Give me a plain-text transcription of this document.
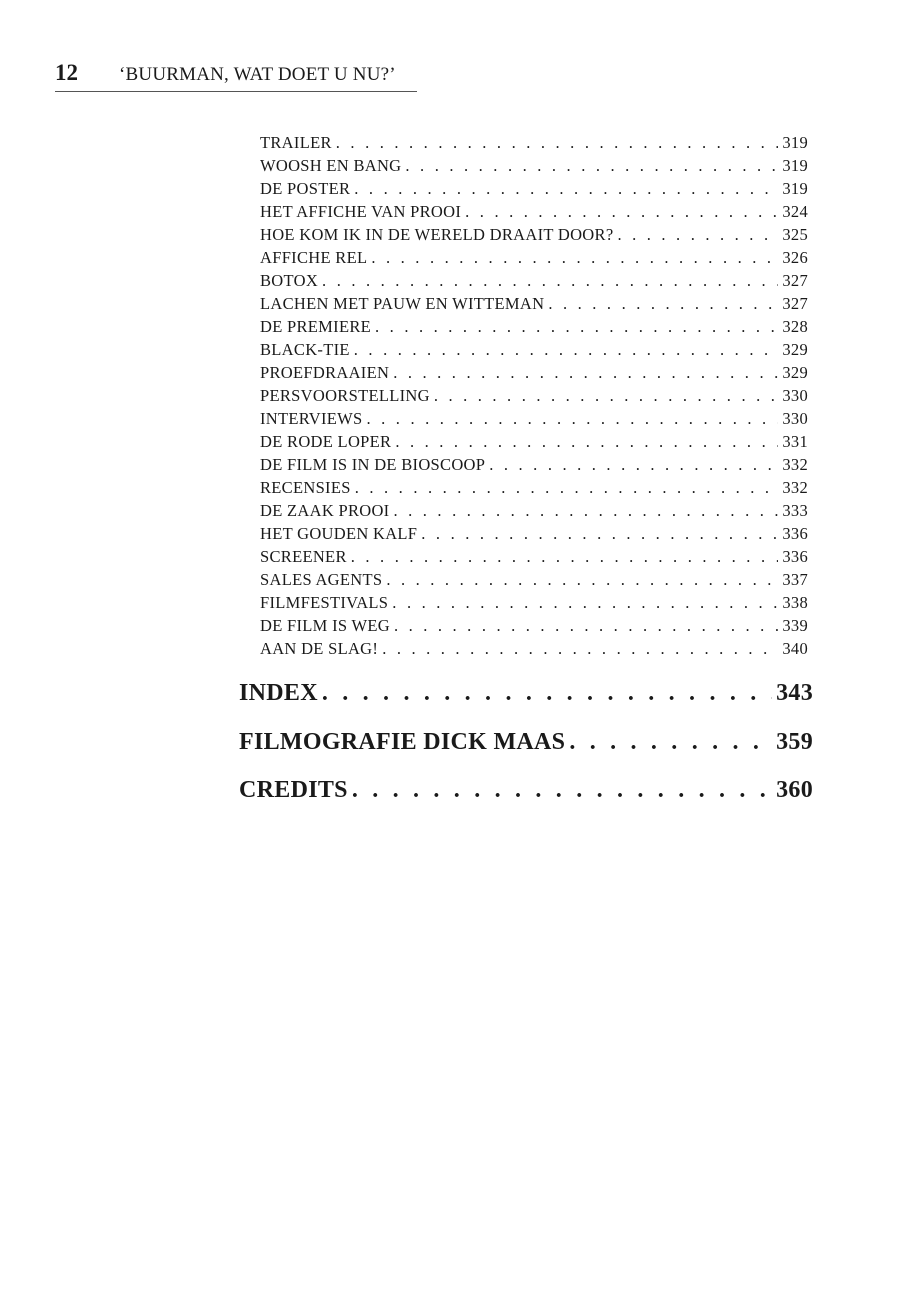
12	‘BUURMAN, WAT DOET U NU?’
TRAILER . . .	319
WOOSH EN BANG . . .	319
DE POSTER . . .	319
HET AFFICHE VAN PROOI . . .	324
HOE KOM IK IN DE WERELD DRAAIT DOOR? . . .	325
AFFICHE REL . . .	326
BOTOX . . .	327
LACHEN MET PAUW EN WITTEMAN . . .	327
DE PREMIERE . . .	328
BLACK-TIE . . .	329
PROEFDRAAIEN . . .	329
PERSVOORSTELLING . . .	330
INTERVIEWS . . .	330
DE RODE LOPER . . .	331
DE FILM IS IN DE BIOSCOOP . . .	332
RECENSIES . . .	332
DE ZAAK PROOI . . .	333
HET GOUDEN KALF . . .	336
SCREENER . . .	336
SALES AGENTS . . .	337
FILMFESTIVALS . . .	338
DE FILM IS WEG . . .	339
AAN DE SLAG! . . .	340
INDEX . . .	343
FILMOGRAFIE DICK MAAS . . .	359
CREDITS . . .	360
